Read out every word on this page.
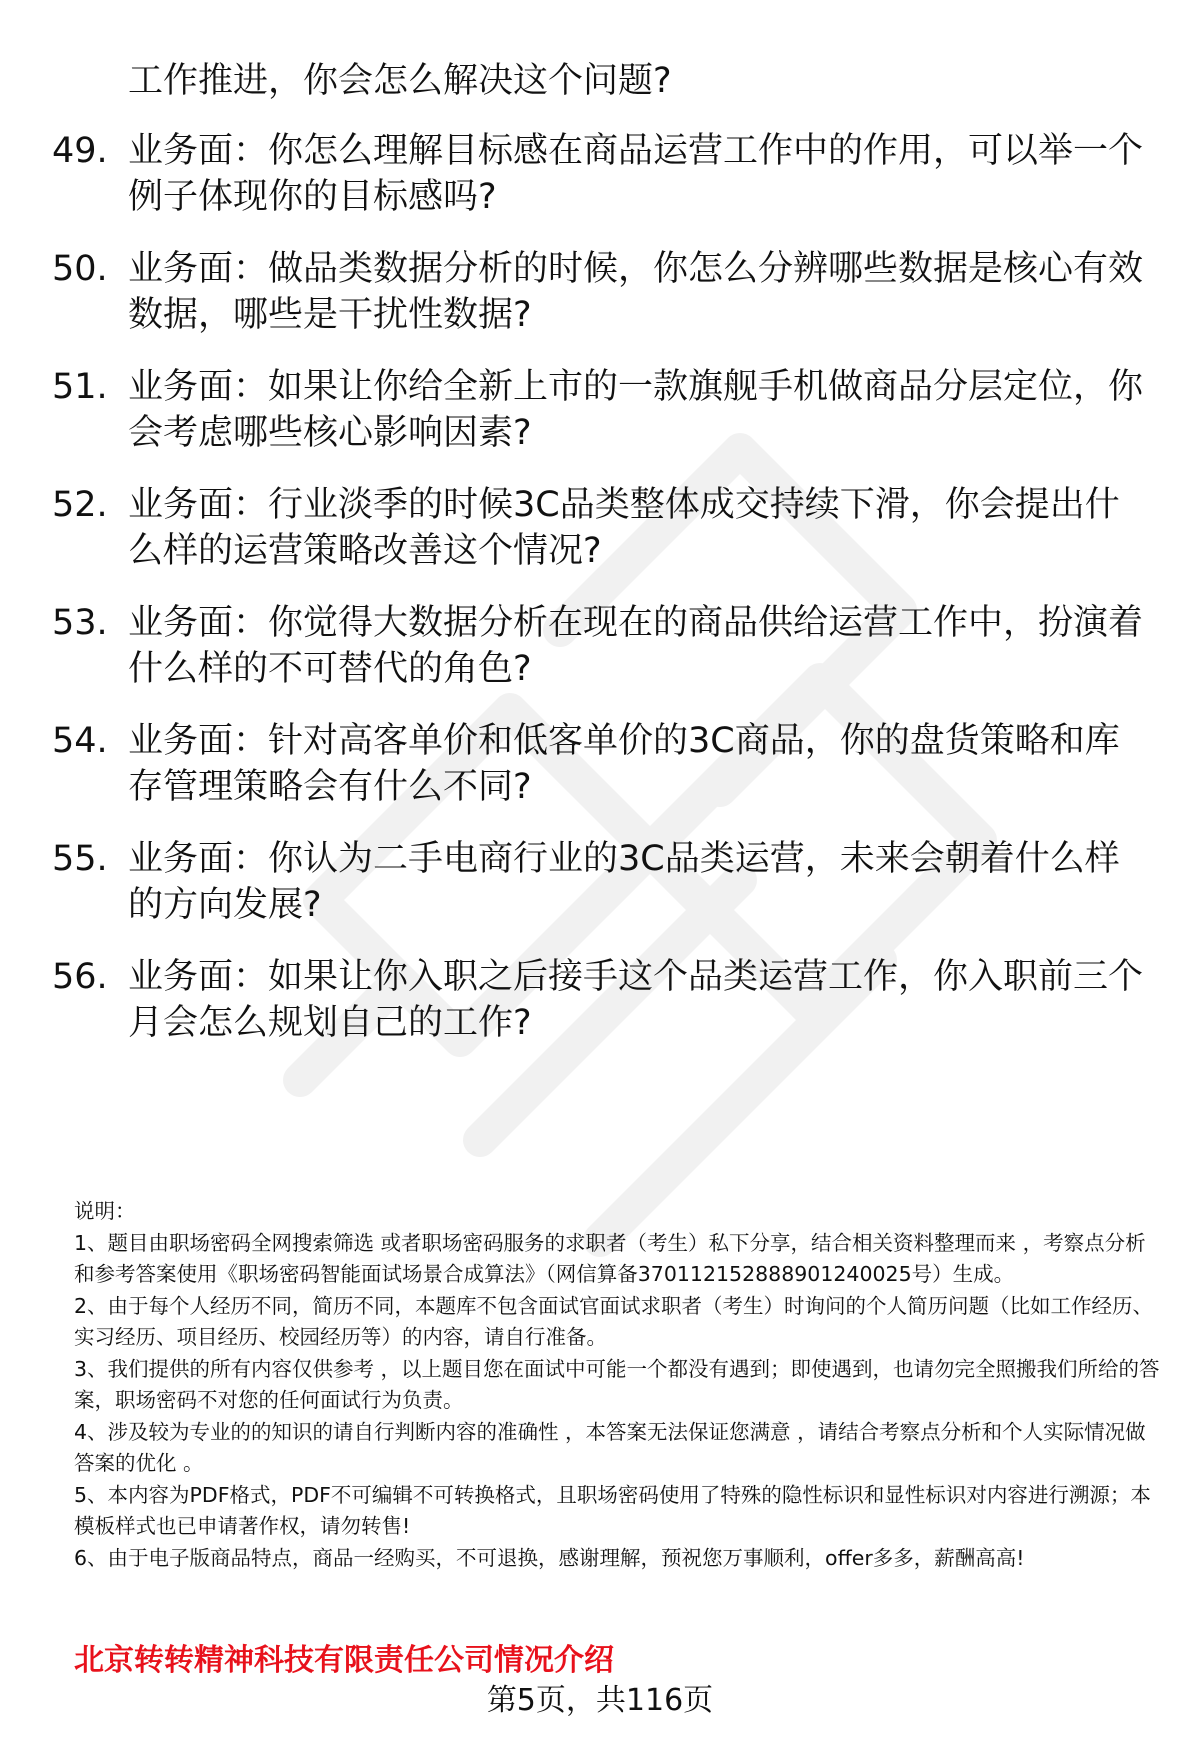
工作推进，你会怎么解决这个问题?
49. 业务面：你怎么理解目标感在商品运营工作中的作用，可以举一个例子体现你的目标感吗?
50. 业务面：做品类数据分析的时候，你怎么分辨哪些数据是核心有效数据，哪些是干扰性数据?
51. 业务面：如果让你给全新上市的一款旗舰手机做商品分层定位，你会考虑哪些核心影响因素?
52. 业务面：行业淡季的时候3C品类整体成交持续下滑，你会提出什么样的运营策略改善这个情况?
53. 业务面：你觉得大数据分析在现在的商品供给运营工作中，扮演着什么样的不可替代的角色?
54. 业务面：针对高客单价和低客单价的3C商品，你的盘货策略和库存管理策略会有什么不同?
55. 业务面：你认为二手电商行业的3C品类运营，未来会朝着什么样的方向发展?
56. 业务面：如果让你入职之后接手这个品类运营工作，你入职前三个月会怎么规划自己的工作?
说明：
1、题目由职场密码全网搜索筛选 或者职场密码服务的求职者（考生）私下分享，结合相关资料整理而来 ，考察点分析和参考答案使用《职场密码智能面试场景合成算法》（网信算备370112152888901240025号）生成。
2、由于每个人经历不同，简历不同，本题库不包含面试官面试求职者（考生）时询问的个人简历问题（比如工作经历、实习经历、项目经历、校园经历等）的内容，请自行准备。
3、我们提供的所有内容仅供参考 ，以上题目您在面试中可能一个都没有遇到；即使遇到，也请勿完全照搬我们所给的答案，职场密码不对您的任何面试行为负责。
4、涉及较为专业的的知识的请自行判断内容的准确性 ，本答案无法保证您满意 ，请结合考察点分析和个人实际情况做答案的优化 。
5、本内容为PDF格式，PDF不可编辑不可转换格式，且职场密码使用了特殊的隐性标识和显性标识对内容进行溯源；本模板样式也已申请著作权，请勿转售!
6、由于电子版商品特点，商品一经购买，不可退换，感谢理解，预祝您万事顺利，offer多多，薪酬高高!
北京转转精神科技有限责任公司情况介绍
第5页，共116页
